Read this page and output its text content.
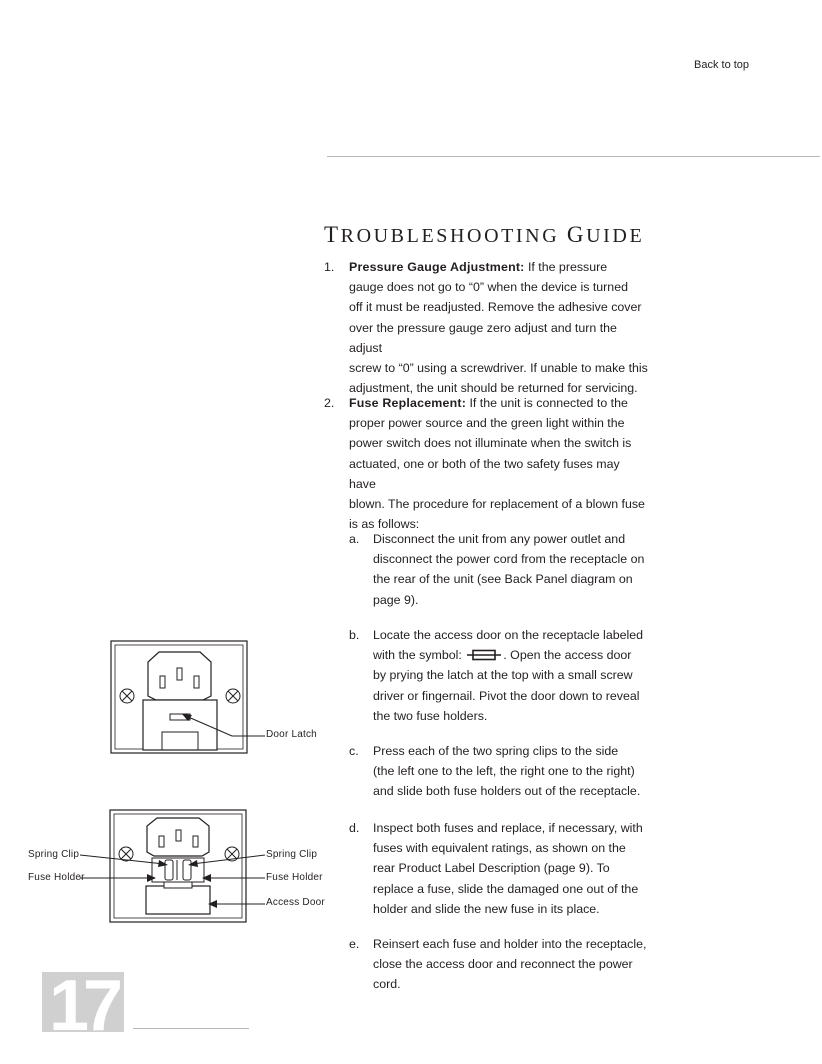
Back to top
TROUBLESHOOTING GUIDE
1. Pressure Gauge Adjustment: If the pressure
gauge does not go to “0” when the device is turned
off it must be readjusted. Remove the adhesive cover
over the pressure gauge zero adjust and turn the adjust
screw to “0” using a screwdriver. If unable to make this
adjustment, the unit should be returned for servicing.
2. Fuse Replacement: If the unit is connected to the
proper power source and the green light within the
power switch does not illuminate when the switch is
actuated, one or both of the two safety fuses may have
blown. The procedure for replacement of a blown fuse
is as follows:
a. Disconnect the unit from any power outlet and
disconnect the power cord from the receptacle on
the rear of the unit (see Back Panel diagram on
page 9).
b. Locate the access door on the receptacle labeled
with the symbol:	. Open the access door
by prying the latch at the top with a small screw
driver or fingernail. Pivot the door down to reveal
the two fuse holders.
c. Press each of the two spring clips to the side
(the left one to the left, the right one to the right)
and slide both fuse holders out of the receptacle.
d. Inspect both fuses and replace, if necessary, with
fuses with equivalent ratings, as shown on the
rear Product Label Description (page 9). To
replace a fuse, slide the damaged one out of the
holder and slide the new fuse in its place.
e. Reinsert each fuse and holder into the receptacle,
close the access door and reconnect the power cord.
Door Latch
Spring Clip
Fuse Holder
Spring Clip
Fuse Holder
Access Door
17
